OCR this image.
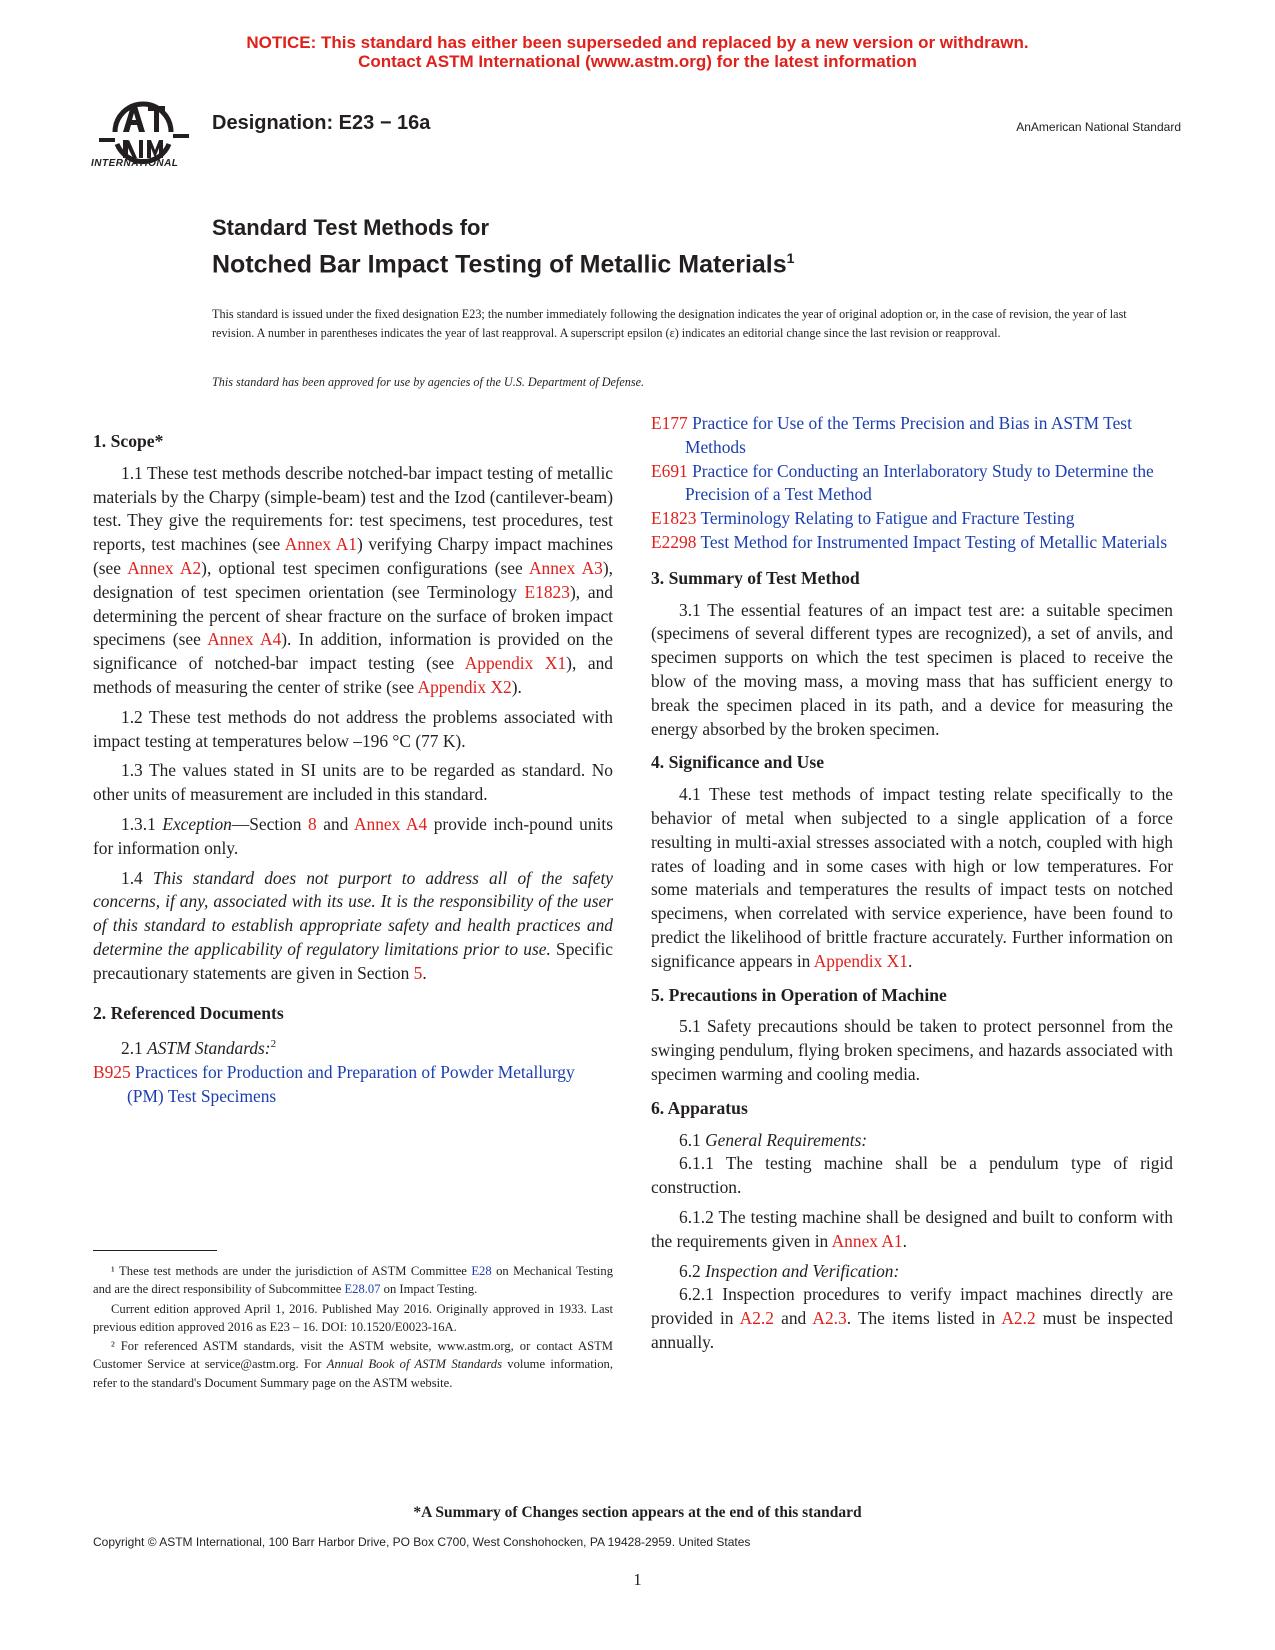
NOTICE: This standard has either been superseded and replaced by a new version or withdrawn.
Contact ASTM International (www.astm.org) for the latest information
INTERNATIONAL
Designation: E23 − 16a	AnAmerican National Standard
Standard Test Methods for
Notched Bar Impact Testing of Metallic Materials$^1$
This standard is issued under the fixed designation E23; the number immediately following the designation indicates the year of original adoption or, in the case of revision, the year of last revision. A number in parentheses indicates the year of last reapproval. A superscript epsilon (ε) indicates an editorial change since the last revision or reapproval.
This standard has been approved for use by agencies of the U.S. Department of Defense.
1. Scope*

1.1 These test methods describe notched-bar impact testing of metallic materials by the Charpy (simple-beam) test and the Izod (cantilever-beam) test. They give the requirements for: test specimens, test procedures, test reports, test machines (see Annex A1) verifying Charpy impact machines (see Annex A2), optional test specimen configurations (see Annex A3), designation of test specimen orientation (see Terminology E1823), and determining the percent of shear fracture on the surface of broken impact specimens (see Annex A4). In addition, information is provided on the significance of notched-bar impact testing (see Appendix X1), and methods of measuring the center of strike (see Appendix X2).

1.2 These test methods do not address the problems associated with impact testing at temperatures below –196 °C (77 K).

1.3 The values stated in SI units are to be regarded as standard. No other units of measurement are included in this standard.

1.3.1 Exception—Section 8 and Annex A4 provide inch-pound units for information only.

1.4 This standard does not purport to address all of the safety concerns, if any, associated with its use. It is the responsibility of the user of this standard to establish appropriate safety and health practices and determine the applicability of regulatory limitations prior to use. Specific precautionary statements are given in Section 5.

2. Referenced Documents

2.1 ASTM Standards:$^2$

B925 Practices for Production and Preparation of Powder Metallurgy (PM) Test Specimens

¹ These test methods are under the jurisdiction of ASTM Committee E28 on Mechanical Testing and are the direct responsibility of Subcommittee E28.07 on Impact Testing.

Current edition approved April 1, 2016. Published May 2016. Originally approved in 1933. Last previous edition approved 2016 as E23 – 16. DOI: 10.1520/E0023-16A.

² For referenced ASTM standards, visit the ASTM website, www.astm.org, or contact ASTM Customer Service at service@astm.org. For Annual Book of ASTM Standards volume information, refer to the standard's Document Summary page on the ASTM website.

E177 Practice for Use of the Terms Precision and Bias in ASTM Test Methods

E691 Practice for Conducting an Interlaboratory Study to Determine the Precision of a Test Method

E1823 Terminology Relating to Fatigue and Fracture Testing

E2298 Test Method for Instrumented Impact Testing of Metallic Materials

3. Summary of Test Method

3.1 The essential features of an impact test are: a suitable specimen (specimens of several different types are recognized), a set of anvils, and specimen supports on which the test specimen is placed to receive the blow of the moving mass, a moving mass that has sufficient energy to break the specimen placed in its path, and a device for measuring the energy absorbed by the broken specimen.

4. Significance and Use

4.1 These test methods of impact testing relate specifically to the behavior of metal when subjected to a single application of a force resulting in multi-axial stresses associated with a notch, coupled with high rates of loading and in some cases with high or low temperatures. For some materials and temperatures the results of impact tests on notched specimens, when correlated with service experience, have been found to predict the likelihood of brittle fracture accurately. Further information on significance appears in Appendix X1.

5. Precautions in Operation of Machine

5.1 Safety precautions should be taken to protect personnel from the swinging pendulum, flying broken specimens, and hazards associated with specimen warming and cooling media.

6. Apparatus

6.1 General Requirements:

6.1.1 The testing machine shall be a pendulum type of rigid construction.

6.1.2 The testing machine shall be designed and built to conform with the requirements given in Annex A1.

6.2 Inspection and Verification:

6.2.1 Inspection procedures to verify impact machines directly are provided in A2.2 and A2.3. The items listed in A2.2 must be inspected annually.

*A Summary of Changes section appears at the end of this standard
Copyright © ASTM International, 100 Barr Harbor Drive, PO Box C700, West Conshohocken, PA 19428-2959. United States
1
